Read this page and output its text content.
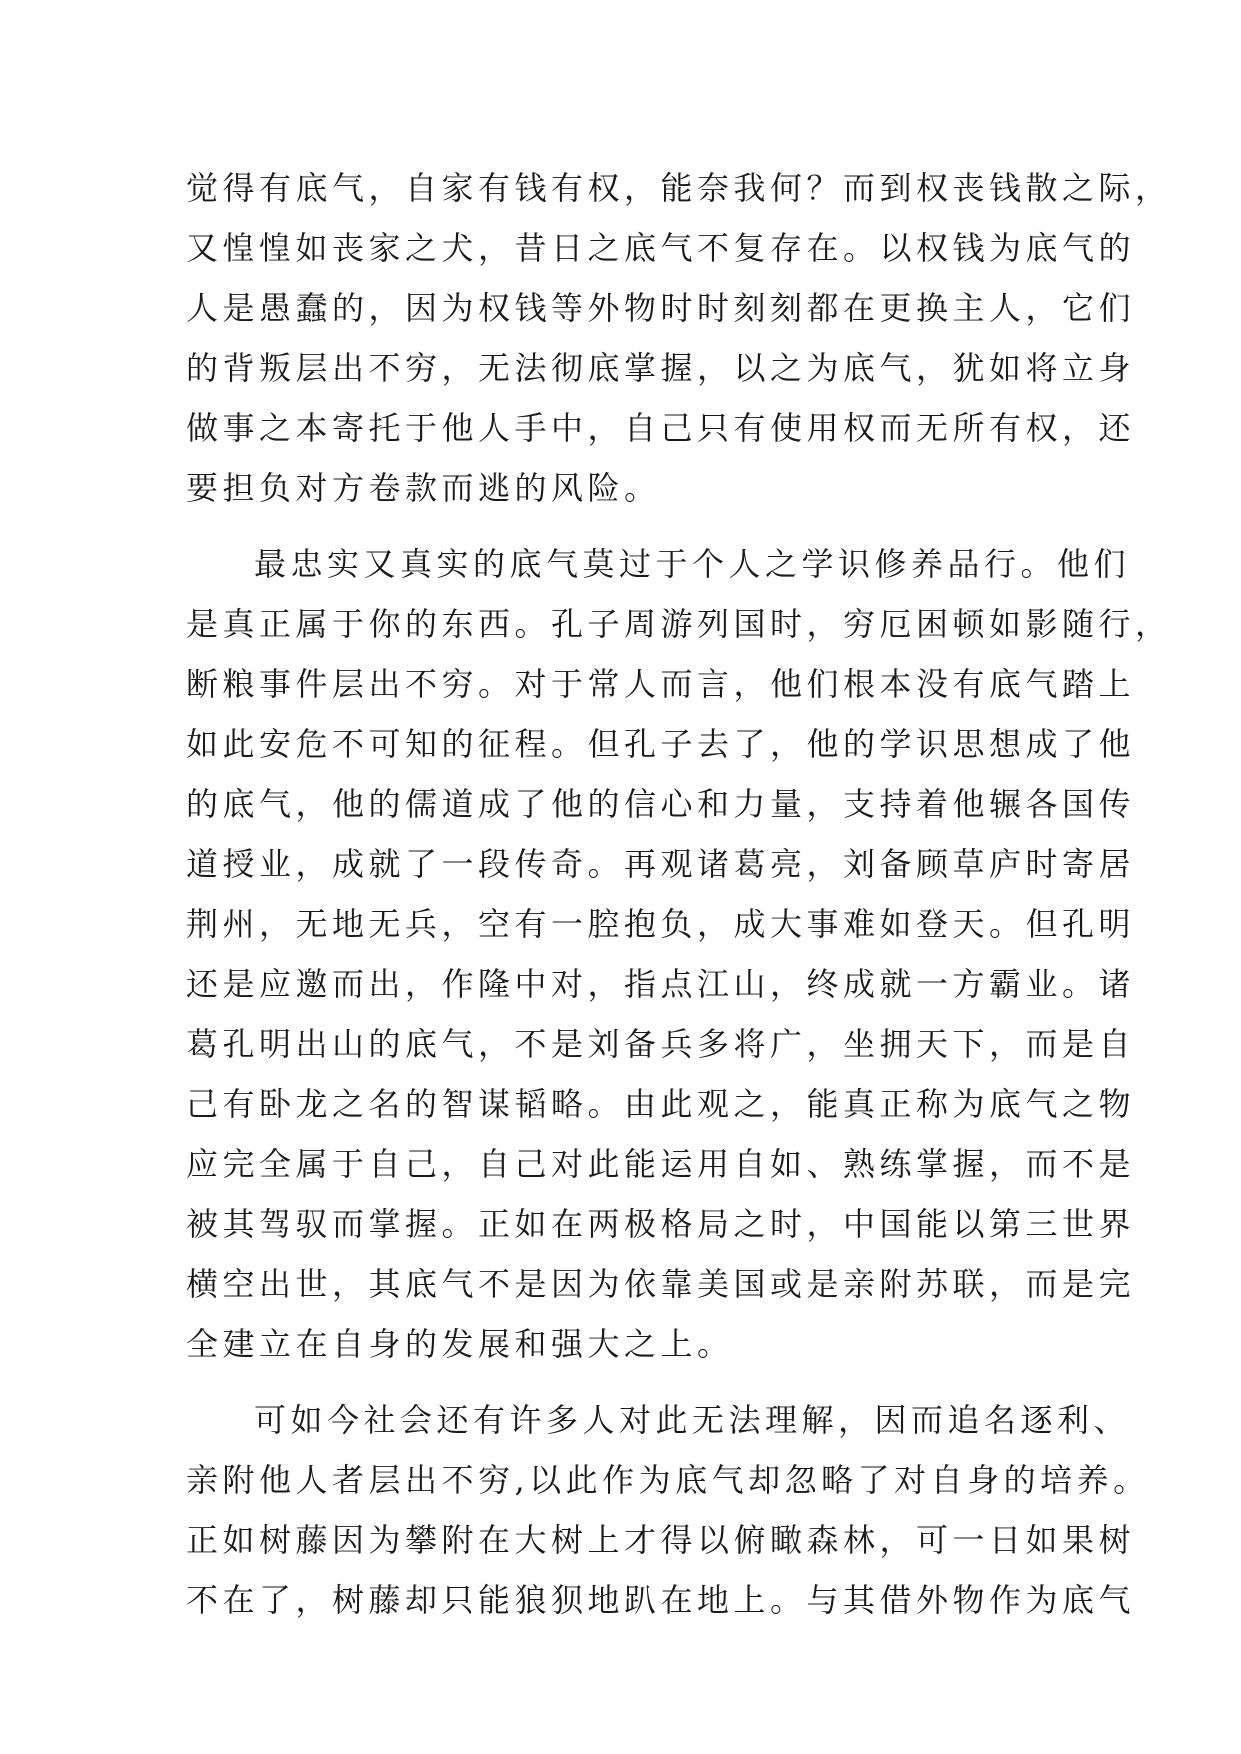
觉得有底气，自家有钱有权，能奈我何？而到权丧钱散之际，
又惶惶如丧家之犬，昔日之底气不复存在。以权钱为底气的
人是愚蠢的，因为权钱等外物时时刻刻都在更换主人，它们
的背叛层出不穷，无法彻底掌握，以之为底气，犹如将立身
做事之本寄托于他人手中，自己只有使用权而无所有权，还
要担负对方卷款而逃的风险。
最忠实又真实的底气莫过于个人之学识修养品行。他们
是真正属于你的东西。孔子周游列国时，穷厄困顿如影随行，
断粮事件层出不穷。对于常人而言，他们根本没有底气踏上
如此安危不可知的征程。但孔子去了，他的学识思想成了他
的底气，他的儒道成了他的信心和力量，支持着他辗各国传
道授业，成就了一段传奇。再观诸葛亮，刘备顾草庐时寄居
荆州，无地无兵，空有一腔抱负，成大事难如登天。但孔明
还是应邀而出，作隆中对，指点江山，终成就一方霸业。诸
葛孔明出山的底气，不是刘备兵多将广，坐拥天下，而是自
己有卧龙之名的智谋韬略。由此观之，能真正称为底气之物
应完全属于自己，自己对此能运用自如、熟练掌握，而不是
被其驾驭而掌握。正如在两极格局之时，中国能以第三世界
横空出世，其底气不是因为依靠美国或是亲附苏联，而是完
全建立在自身的发展和强大之上。
可如今社会还有许多人对此无法理解，因而追名逐利、
亲附他人者层出不穷,以此作为底气却忽略了对自身的培养。
正如树藤因为攀附在大树上才得以俯瞰森林，可一日如果树
不在了，树藤却只能狼狈地趴在地上。与其借外物作为底气
